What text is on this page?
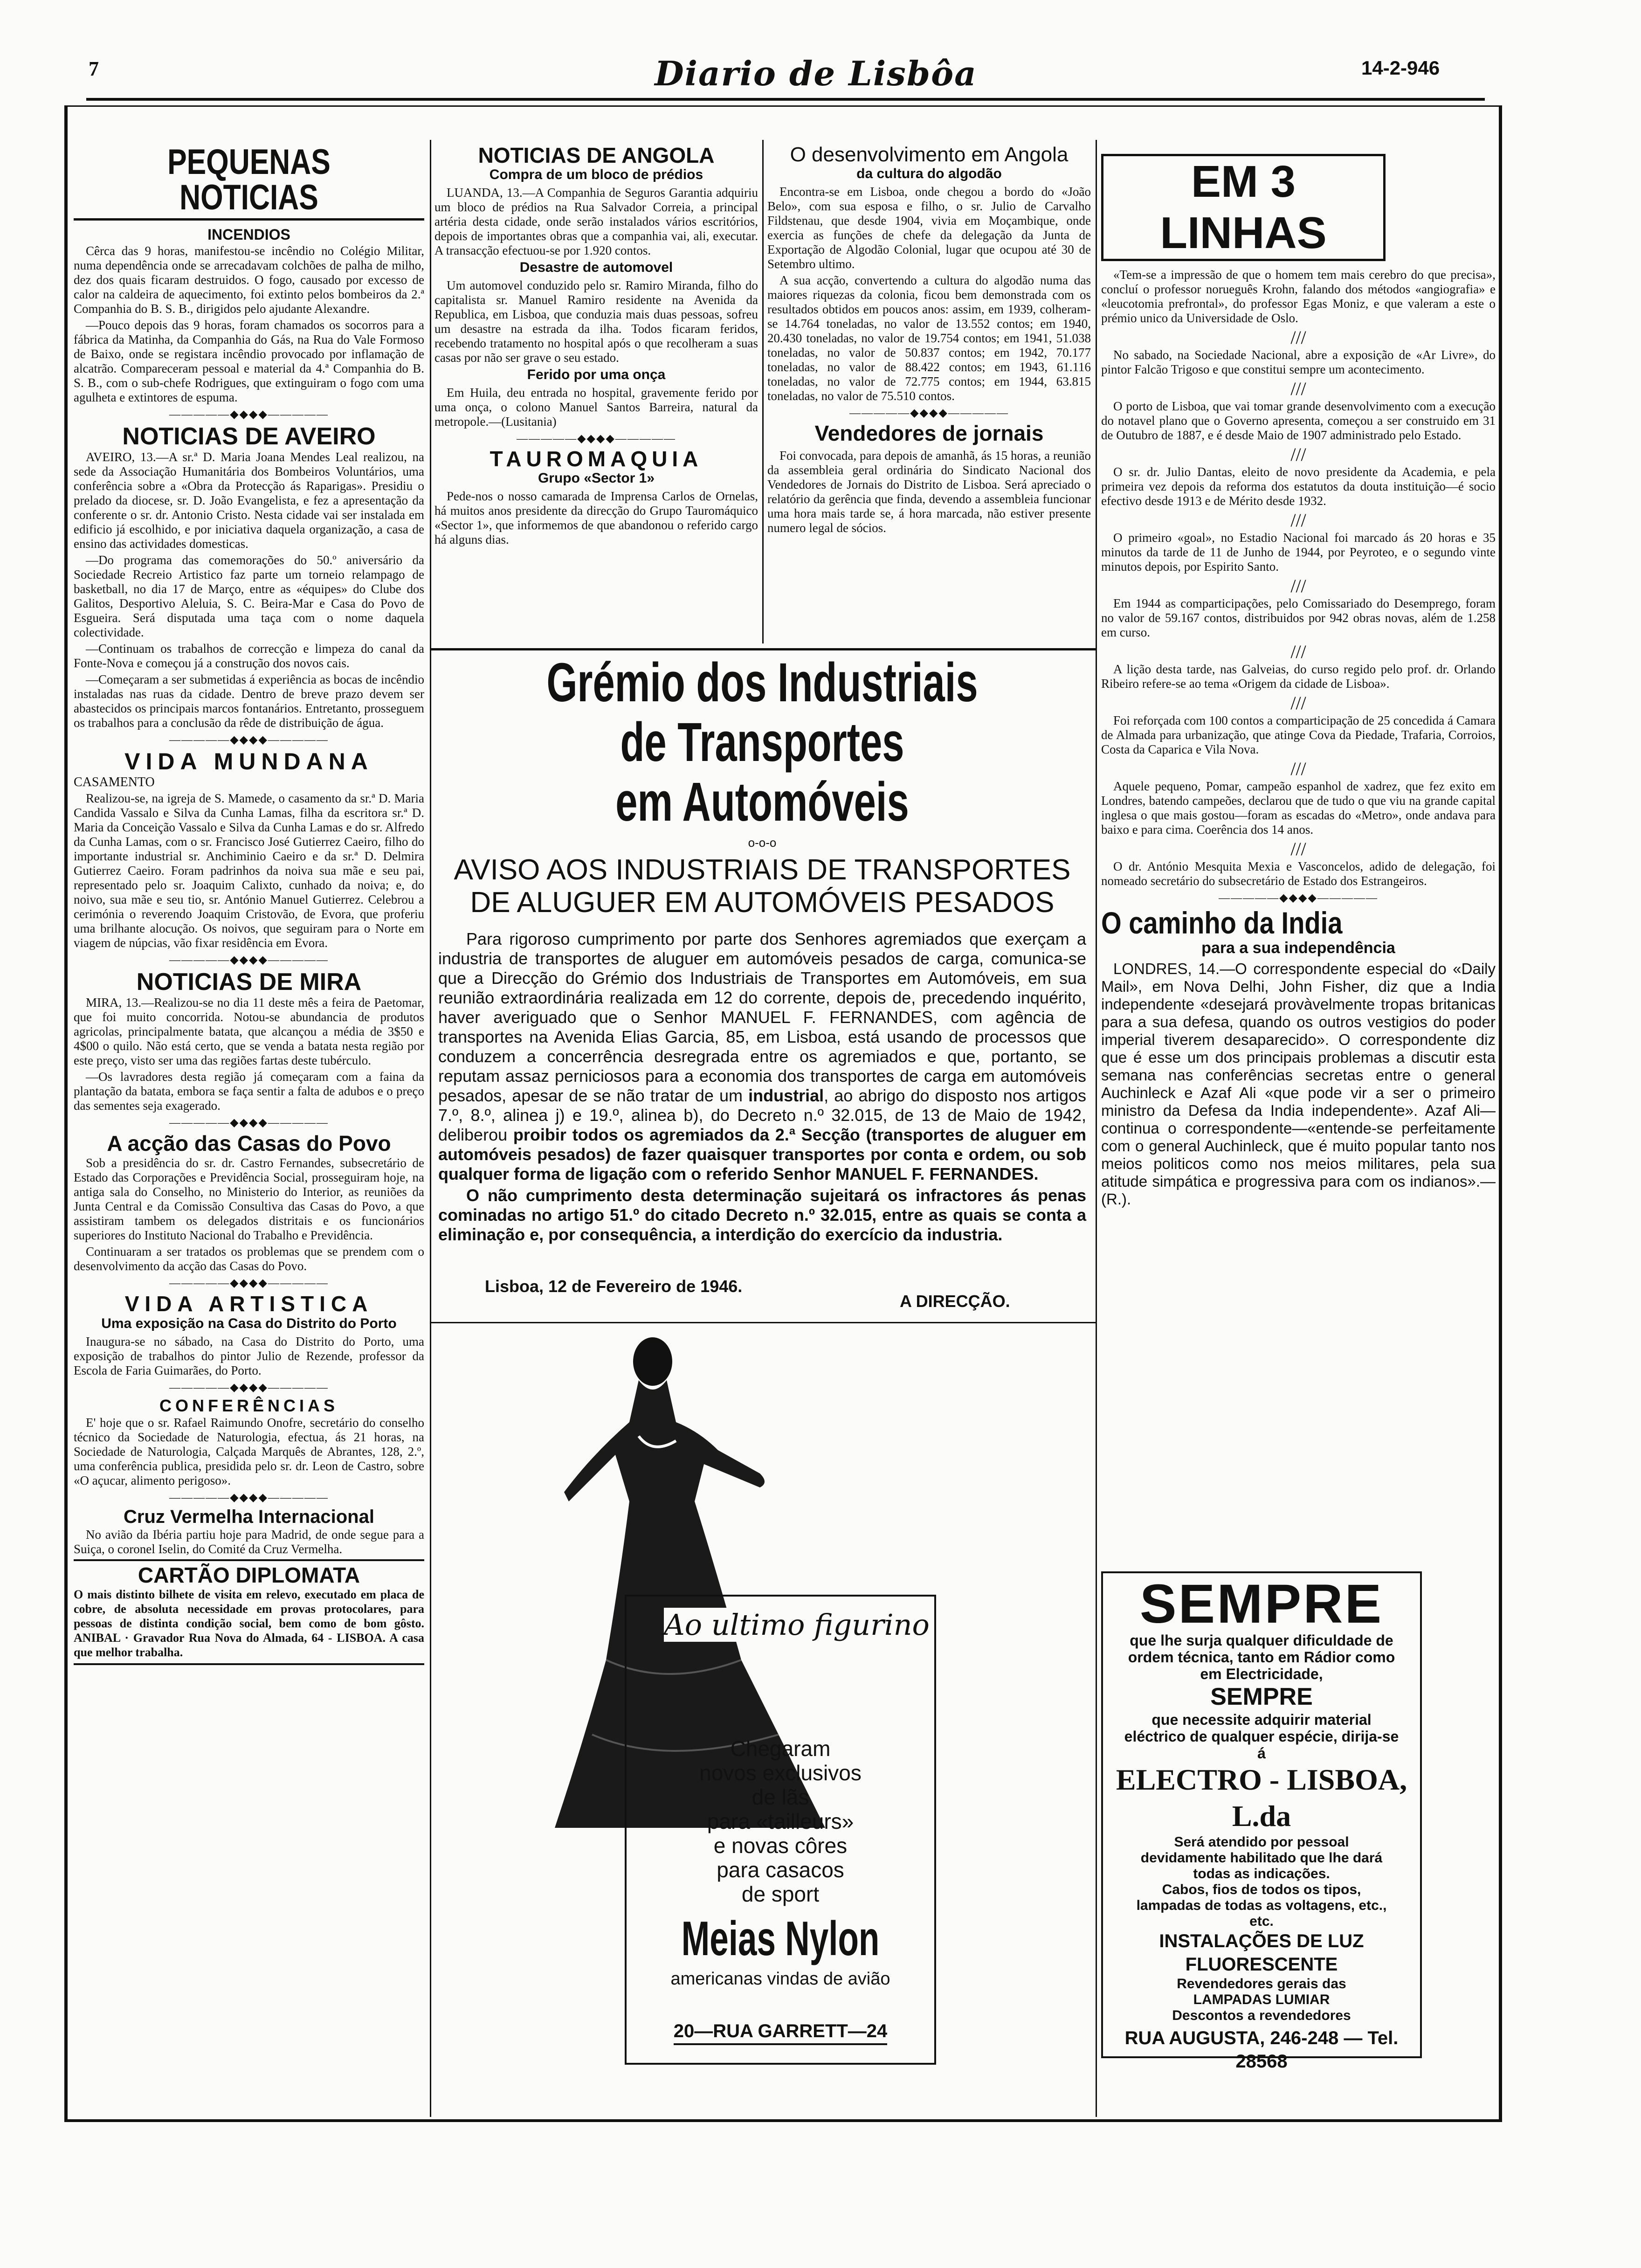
7	Diario de Lisbôa	14-2-946
PEQUENAS NOTICIAS
INCENDIOS

Cêrca das 9 horas, manifestou-se incêndio no Colégio Militar, numa dependência onde se arrecadavam colchões de palha de milho, dez dos quais ficaram destruidos. O fogo, causado por excesso de calor na caldeira de aquecimento, foi extinto pelos bombeiros da 2.ª Companhia do B. S. B., dirigidos pelo ajudante Alexandre.

—Pouco depois das 9 horas, foram chamados os socorros para a fábrica da Matinha, da Companhia do Gás, na Rua do Vale Formoso de Baixo, onde se registara incêndio provocado por inflamação de alcatrão. Compareceram pessoal e material da 4.ª Companhia do B. S. B., com o sub-chefe Rodrigues, que extinguiram o fogo com uma agulheta e extintores de espuma.

—————◆◆◆◆—————
NOTICIAS DE AVEIRO

AVEIRO, 13.—A sr.ª D. Maria Joana Mendes Leal realizou, na sede da Associação Humanitária dos Bombeiros Voluntários, uma conferência sobre a «Obra da Protecção ás Raparigas». Presidiu o prelado da diocese, sr. D. João Evangelista, e fez a apresentação da conferente o sr. dr. Antonio Cristo. Nesta cidade vai ser instalada em edificio já escolhido, e por iniciativa daquela organização, a casa de ensino das actividades domesticas.

—Do programa das comemorações do 50.º aniversário da Sociedade Recreio Artistico faz parte um torneio relampago de basketball, no dia 17 de Março, entre as «équipes» do Clube dos Galitos, Desportivo Aleluia, S. C. Beira-Mar e Casa do Povo de Esgueira. Será disputada uma taça com o nome daquela colectividade.

—Continuam os trabalhos de correcção e limpeza do canal da Fonte-Nova e começou já a construção dos novos cais.

—Começaram a ser submetidas á experiência as bocas de incêndio instaladas nas ruas da cidade. Dentro de breve prazo devem ser abastecidos os principais marcos fontanários. Entretanto, prosseguem os trabalhos para a conclusão da rêde de distribuição de água.

—————◆◆◆◆—————
VIDA MUNDANA

CASAMENTO

Realizou-se, na igreja de S. Mamede, o casamento da sr.ª D. Maria Candida Vassalo e Silva da Cunha Lamas, filha da escritora sr.ª D. Maria da Conceição Vassalo e Silva da Cunha Lamas e do sr. Alfredo da Cunha Lamas, com o sr. Francisco José Gutierrez Caeiro, filho do importante industrial sr. Anchiminio Caeiro e da sr.ª D. Delmira Gutierrez Caeiro. Foram padrinhos da noiva sua mãe e seu pai, representado pelo sr. Joaquim Calixto, cunhado da noiva; e, do noivo, sua mãe e seu tio, sr. António Manuel Gutierrez. Celebrou a cerimónia o reverendo Joaquim Cristovão, de Evora, que proferiu uma brilhante alocução. Os noivos, que seguiram para o Norte em viagem de núpcias, vão fixar residência em Evora.

—————◆◆◆◆—————
NOTICIAS DE MIRA

MIRA, 13.—Realizou-se no dia 11 deste mês a feira de Paetomar, que foi muito concorrida. Notou-se abundancia de produtos agricolas, principalmente batata, que alcançou a média de 3$50 e 4$00 o quilo. Não está certo, que se venda a batata nesta região por este preço, visto ser uma das regiões fartas deste tubérculo.

—Os lavradores desta região já começaram com a faina da plantação da batata, embora se faça sentir a falta de adubos e o preço das sementes seja exagerado.

—————◆◆◆◆—————
A acção das Casas do Povo

Sob a presidência do sr. dr. Castro Fernandes, subsecretário de Estado das Corporações e Previdência Social, prosseguiram hoje, na antiga sala do Conselho, no Ministerio do Interior, as reuniões da Junta Central e da Comissão Consultiva das Casas do Povo, a que assistiram tambem os delegados distritais e os funcionários superiores do Instituto Nacional do Trabalho e Previdência.

Continuaram a ser tratados os problemas que se prendem com o desenvolvimento da acção das Casas do Povo.

—————◆◆◆◆—————
VIDA ARTISTICA
Uma exposição na Casa do Distrito do Porto

Inaugura-se no sábado, na Casa do Distrito do Porto, uma exposição de trabalhos do pintor Julio de Rezende, professor da Escola de Faria Guimarães, do Porto.

—————◆◆◆◆—————
CONFERÊNCIAS

E' hoje que o sr. Rafael Raimundo Onofre, secretário do conselho técnico da Sociedade de Naturologia, efectua, ás 21 horas, na Sociedade de Naturologia, Calçada Marquês de Abrantes, 128, 2.º, uma conferência publica, presidida pelo sr. dr. Leon de Castro, sobre «O açucar, alimento perigoso».

—————◆◆◆◆—————
Cruz Vermelha Internacional

No avião da Ibéria partiu hoje para Madrid, de onde segue para a Suiça, o coronel Iselin, do Comité da Cruz Vermelha.

CARTÃO DIPLOMATA

O mais distinto bilhete de visita em relevo, executado em placa de cobre, de absoluta necessidade em provas protocolares, para pessoas de distinta condição social, bem como de bom gôsto. ANIBAL · Gravador Rua Nova do Almada, 64 - LISBOA. A casa que melhor trabalha.

NOTICIAS DE ANGOLA
Compra de um bloco de prédios

LUANDA, 13.—A Companhia de Seguros Garantia adquiriu um bloco de prédios na Rua Salvador Correia, a principal artéria desta cidade, onde serão instalados vários escritórios, depois de importantes obras que a companhia vai, ali, executar. A transacção efectuou-se por 1.920 contos.

Desastre de automovel

Um automovel conduzido pelo sr. Ramiro Miranda, filho do capitalista sr. Manuel Ramiro residente na Avenida da Republica, em Lisboa, que conduzia mais duas pessoas, sofreu um desastre na estrada da ilha. Todos ficaram feridos, recebendo tratamento no hospital após o que recolheram a suas casas por não ser grave o seu estado.

Ferido por uma onça

Em Huila, deu entrada no hospital, gravemente ferido por uma onça, o colono Manuel Santos Barreira, natural da metropole.—(Lusitania)

—————◆◆◆◆—————
TAUROMAQUIA
Grupo «Sector 1»

Pede-nos o nosso camarada de Imprensa Carlos de Ornelas, há muitos anos presidente da direcção do Grupo Tauromáquico «Sector 1», que informemos de que abandonou o referido cargo há alguns dias.

O desenvolvimento em Angola
da cultura do algodão

Encontra-se em Lisboa, onde chegou a bordo do «João Belo», com sua esposa e filho, o sr. Julio de Carvalho Fildstenau, que desde 1904, vivia em Moçambique, onde exercia as funções de chefe da delegação da Junta de Exportação de Algodão Colonial, lugar que ocupou até 30 de Setembro ultimo.

A sua acção, convertendo a cultura do algodão numa das maiores riquezas da colonia, ficou bem demonstrada com os resultados obtidos em poucos anos: assim, em 1939, colheram-se 14.764 toneladas, no valor de 13.552 contos; em 1940, 20.430 toneladas, no valor de 19.754 contos; em 1941, 51.038 toneladas, no valor de 50.837 contos; em 1942, 70.177 toneladas, no valor de 88.422 contos; em 1943, 61.116 toneladas, no valor de 72.775 contos; em 1944, 63.815 toneladas, no valor de 75.510 contos.

—————◆◆◆◆—————
Vendedores de jornais

Foi convocada, para depois de amanhã, ás 15 horas, a reunião da assembleia geral ordinária do Sindicato Nacional dos Vendedores de Jornais do Distrito de Lisboa. Será apreciado o relatório da gerência que finda, devendo a assembleia funcionar uma hora mais tarde se, á hora marcada, não estiver presente numero legal de sócios.

Grémio dos Industriais de Transportes
em Automóveis
o-o-o
AVISO AOS INDUSTRIAIS DE TRANSPORTES
DE ALUGUER EM AUTOMÓVEIS PESADOS

Para rigoroso cumprimento por parte dos Senhores agremiados que exerçam a industria de transportes de aluguer em automóveis pesados de carga, comunica-se que a Direcção do Grémio dos Industriais de Transportes em Automóveis, em sua reunião extraordinária realizada em 12 do corrente, depois de, precedendo inquérito, haver averiguado que o Senhor MANUEL F. FERNANDES, com agência de transportes na Avenida Elias Garcia, 85, em Lisboa, está usando de processos que conduzem a concerrência desregrada entre os agremiados e que, portanto, se reputam assaz perniciosos para a economia dos transportes de carga em automóveis pesados, apesar de se não tratar de um industrial, ao abrigo do disposto nos artigos 7.º, 8.º, alinea j) e 19.º, alinea b), do Decreto n.º 32.015, de 13 de Maio de 1942, deliberou proibir todos os agremiados da 2.ª Secção (transportes de aluguer em automóveis pesados) de fazer quaisquer transportes por conta e ordem, ou sob qualquer forma de ligação com o referido Senhor MANUEL F. FERNANDES.

O não cumprimento desta determinação sujeitará os infractores ás penas cominadas no artigo 51.º do citado Decreto n.º 32.015, entre as quais se conta a eliminação e, por consequência, a interdição do exercício da industria.

Lisboa, 12 de Fevereiro de 1946.
A DIRECÇÃO.
Ao ultimo figurino
Chegaram
novos exclusivos
de lãs
para «tailleurs»
e novas côres
para casacos
de sport
Meias Nylon
americanas vindas de avião
20—RUA GARRETT—24
EM 3 LINHAS

«Tem-se a impressão de que o homem tem mais cerebro do que precisa», concluí o professor norueguês Krohn, falando dos métodos «angiografia» e «leucotomia prefrontal», do professor Egas Moniz, e que valeram a este o prémio unico da Universidade de Oslo.

///

No sabado, na Sociedade Nacional, abre a exposição de «Ar Livre», do pintor Falcão Trigoso e que constitui sempre um acontecimento.

///

O porto de Lisboa, que vai tomar grande desenvolvimento com a execução do notavel plano que o Governo apresenta, começou a ser construido em 31 de Outubro de 1887, e é desde Maio de 1907 administrado pelo Estado.

///

O sr. dr. Julio Dantas, eleito de novo presidente da Academia, e pela primeira vez depois da reforma dos estatutos da douta instituição—é socio efectivo desde 1913 e de Mérito desde 1932.

///

O primeiro «goal», no Estadio Nacional foi marcado ás 20 horas e 35 minutos da tarde de 11 de Junho de 1944, por Peyroteo, e o segundo vinte minutos depois, por Espirito Santo.

///

Em 1944 as comparticipações, pelo Comissariado do Desemprego, foram no valor de 59.167 contos, distribuidos por 942 obras novas, além de 1.258 em curso.

///

A lição desta tarde, nas Galveias, do curso regido pelo prof. dr. Orlando Ribeiro refere-se ao tema «Origem da cidade de Lisboa».

///

Foi reforçada com 100 contos a comparticipação de 25 concedida á Camara de Almada para urbanização, que atinge Cova da Piedade, Trafaria, Corroios, Costa da Caparica e Vila Nova.

///

Aquele pequeno, Pomar, campeão espanhol de xadrez, que fez exito em Londres, batendo campeões, declarou que de tudo o que viu na grande capital inglesa o que mais gostou—foram as escadas do «Metro», onde andava para baixo e para cima. Coerência dos 14 anos.

///

O dr. António Mesquita Mexia e Vasconcelos, adido de delegação, foi nomeado secretário do subsecretário de Estado dos Estrangeiros.

—————◆◆◆◆—————
O caminho da India
para a sua independência

LONDRES, 14.—O correspondente especial do «Daily Mail», em Nova Delhi, John Fisher, diz que a India independente «desejará provàvelmente tropas britanicas para a sua defesa, quando os outros vestigios do poder imperial tiverem desaparecido». O correspondente diz que é esse um dos principais problemas a discutir esta semana nas conferências secretas entre o general Auchinleck e Azaf Ali «que pode vir a ser o primeiro ministro da Defesa da India independente». Azaf Ali—continua o correspondente—«entende-se perfeitamente com o general Auchinleck, que é muito popular tanto nos meios politicos como nos meios militares, pela sua atitude simpática e progressiva para com os indianos».—(R.).

SEMPRE

que lhe surja qualquer dificuldade de ordem técnica, tanto em Rádior como em Electricidade,

SEMPRE

que necessite adquirir material eléctrico de qualquer espécie, dirija-se á

ELECTRO - LISBOA, L.da

Será atendido por pessoal devidamente habilitado que lhe dará todas as indicações.

Cabos, fios de todos os tipos, lampadas de todas as voltagens, etc., etc.

INSTALAÇÕES DE LUZ FLUORESCENTE

Revendedores gerais das

LAMPADAS LUMIAR

Descontos a revendedores

RUA AUGUSTA, 246-248 — Tel. 28568
